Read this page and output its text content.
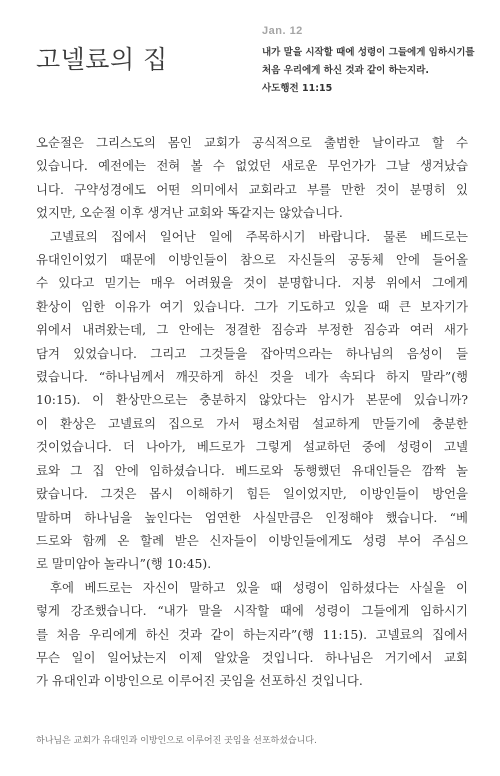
고넬료의 집
Jan. 12
내가 말을 시작할 때에 성령이 그들에게 임하시기를
처음 우리에게 하신 것과 같이 하는지라.
사도행전 11:15
오순절은 그리스도의 몸인 교회가 공식적으로 출범한 날이라고 할 수
있습니다. 예전에는 전혀 볼 수 없었던 새로운 무언가가 그날 생겨났습
니다. 구약성경에도 어떤 의미에서 교회라고 부를 만한 것이 분명히 있
었지만, 오순절 이후 생겨난 교회와 똑같지는 않았습니다.
고넬료의 집에서 일어난 일에 주목하시기 바랍니다. 물론 베드로는
유대인이었기 때문에 이방인들이 참으로 자신들의 공동체 안에 들어올
수 있다고 믿기는 매우 어려웠을 것이 분명합니다. 지붕 위에서 그에게
환상이 임한 이유가 여기 있습니다. 그가 기도하고 있을 때 큰 보자기가
위에서 내려왔는데, 그 안에는 정결한 짐승과 부정한 짐승과 여러 새가
담겨 있었습니다. 그리고 그것들을 잡아먹으라는 하나님의 음성이 들
렸습니다. “하나님께서 깨끗하게 하신 것을 네가 속되다 하지 말라”(행
10:15). 이 환상만으로는 충분하지 않았다는 암시가 본문에 있습니까?
이 환상은 고넬료의 집으로 가서 평소처럼 설교하게 만들기에 충분한
것이었습니다. 더 나아가, 베드로가 그렇게 설교하던 중에 성령이 고넬
료와 그 집 안에 임하셨습니다. 베드로와 동행했던 유대인들은 깜짝 놀
랐습니다. 그것은 몹시 이해하기 힘든 일이었지만, 이방인들이 방언을
말하며 하나님을 높인다는 엄연한 사실만큼은 인정해야 했습니다. “베
드로와 함께 온 할례 받은 신자들이 이방인들에게도 성령 부어 주심으
로 말미암아 놀라니”(행 10:45).
후에 베드로는 자신이 말하고 있을 때 성령이 임하셨다는 사실을 이
렇게 강조했습니다. “내가 말을 시작할 때에 성령이 그들에게 임하시기
를 처음 우리에게 하신 것과 같이 하는지라”(행 11:15). 고넬료의 집에서
무슨 일이 일어났는지 이제 알았을 것입니다. 하나님은 거기에서 교회
가 유대인과 이방인으로 이루어진 곳임을 선포하신 것입니다.
하나님은 교회가 유대인과 이방인으로 이루어진 곳임을 선포하셨습니다.
